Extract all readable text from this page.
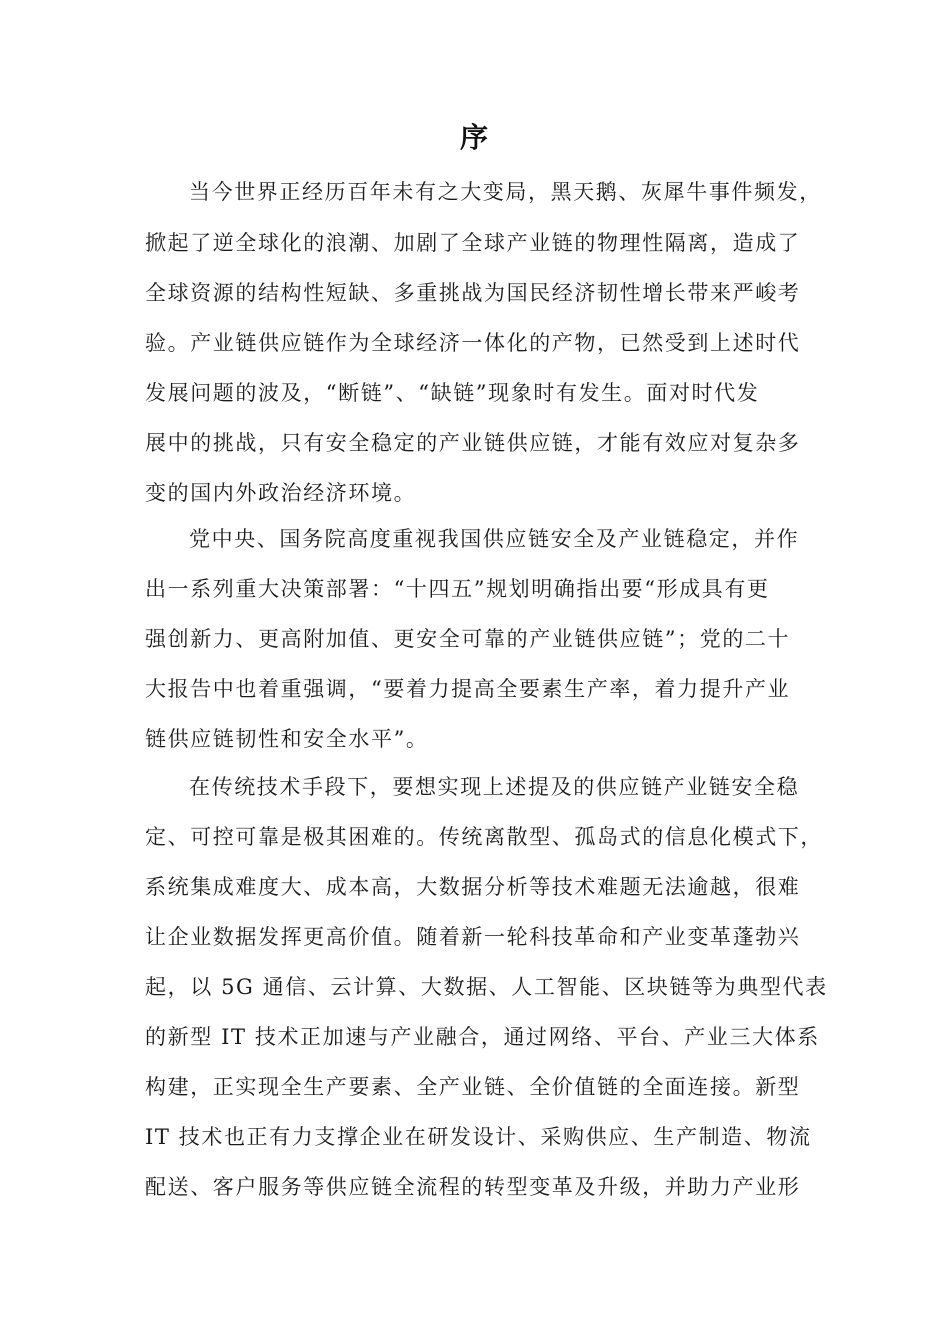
序
当今世界正经历百年未有之大变局，黑天鹅、灰犀牛事件频发，
掀起了逆全球化的浪潮、加剧了全球产业链的物理性隔离，造成了
全球资源的结构性短缺、多重挑战为国民经济韧性增长带来严峻考
验。产业链供应链作为全球经济一体化的产物，已然受到上述时代
发展问题的波及，“断链”、“缺链”现象时有发生。面对时代发
展中的挑战，只有安全稳定的产业链供应链，才能有效应对复杂多
变的国内外政治经济环境。
党中央、国务院高度重视我国供应链安全及产业链稳定，并作
出一系列重大决策部署：“十四五”规划明确指出要“形成具有更
强创新力、更高附加值、更安全可靠的产业链供应链”；党的二十
大报告中也着重强调，“要着力提高全要素生产率，着力提升产业
链供应链韧性和安全水平”。
在传统技术手段下，要想实现上述提及的供应链产业链安全稳
定、可控可靠是极其困难的。传统离散型、孤岛式的信息化模式下，
系统集成难度大、成本高，大数据分析等技术难题无法逾越，很难
让企业数据发挥更高价值。随着新一轮科技革命和产业变革蓬勃兴
起，以 5G 通信、云计算、大数据、人工智能、区块链等为典型代表
的新型 IT 技术正加速与产业融合，通过网络、平台、产业三大体系
构建，正实现全生产要素、全产业链、全价值链的全面连接。新型
IT 技术也正有力支撑企业在研发设计、采购供应、生产制造、物流
配送、客户服务等供应链全流程的转型变革及升级，并助力产业形
